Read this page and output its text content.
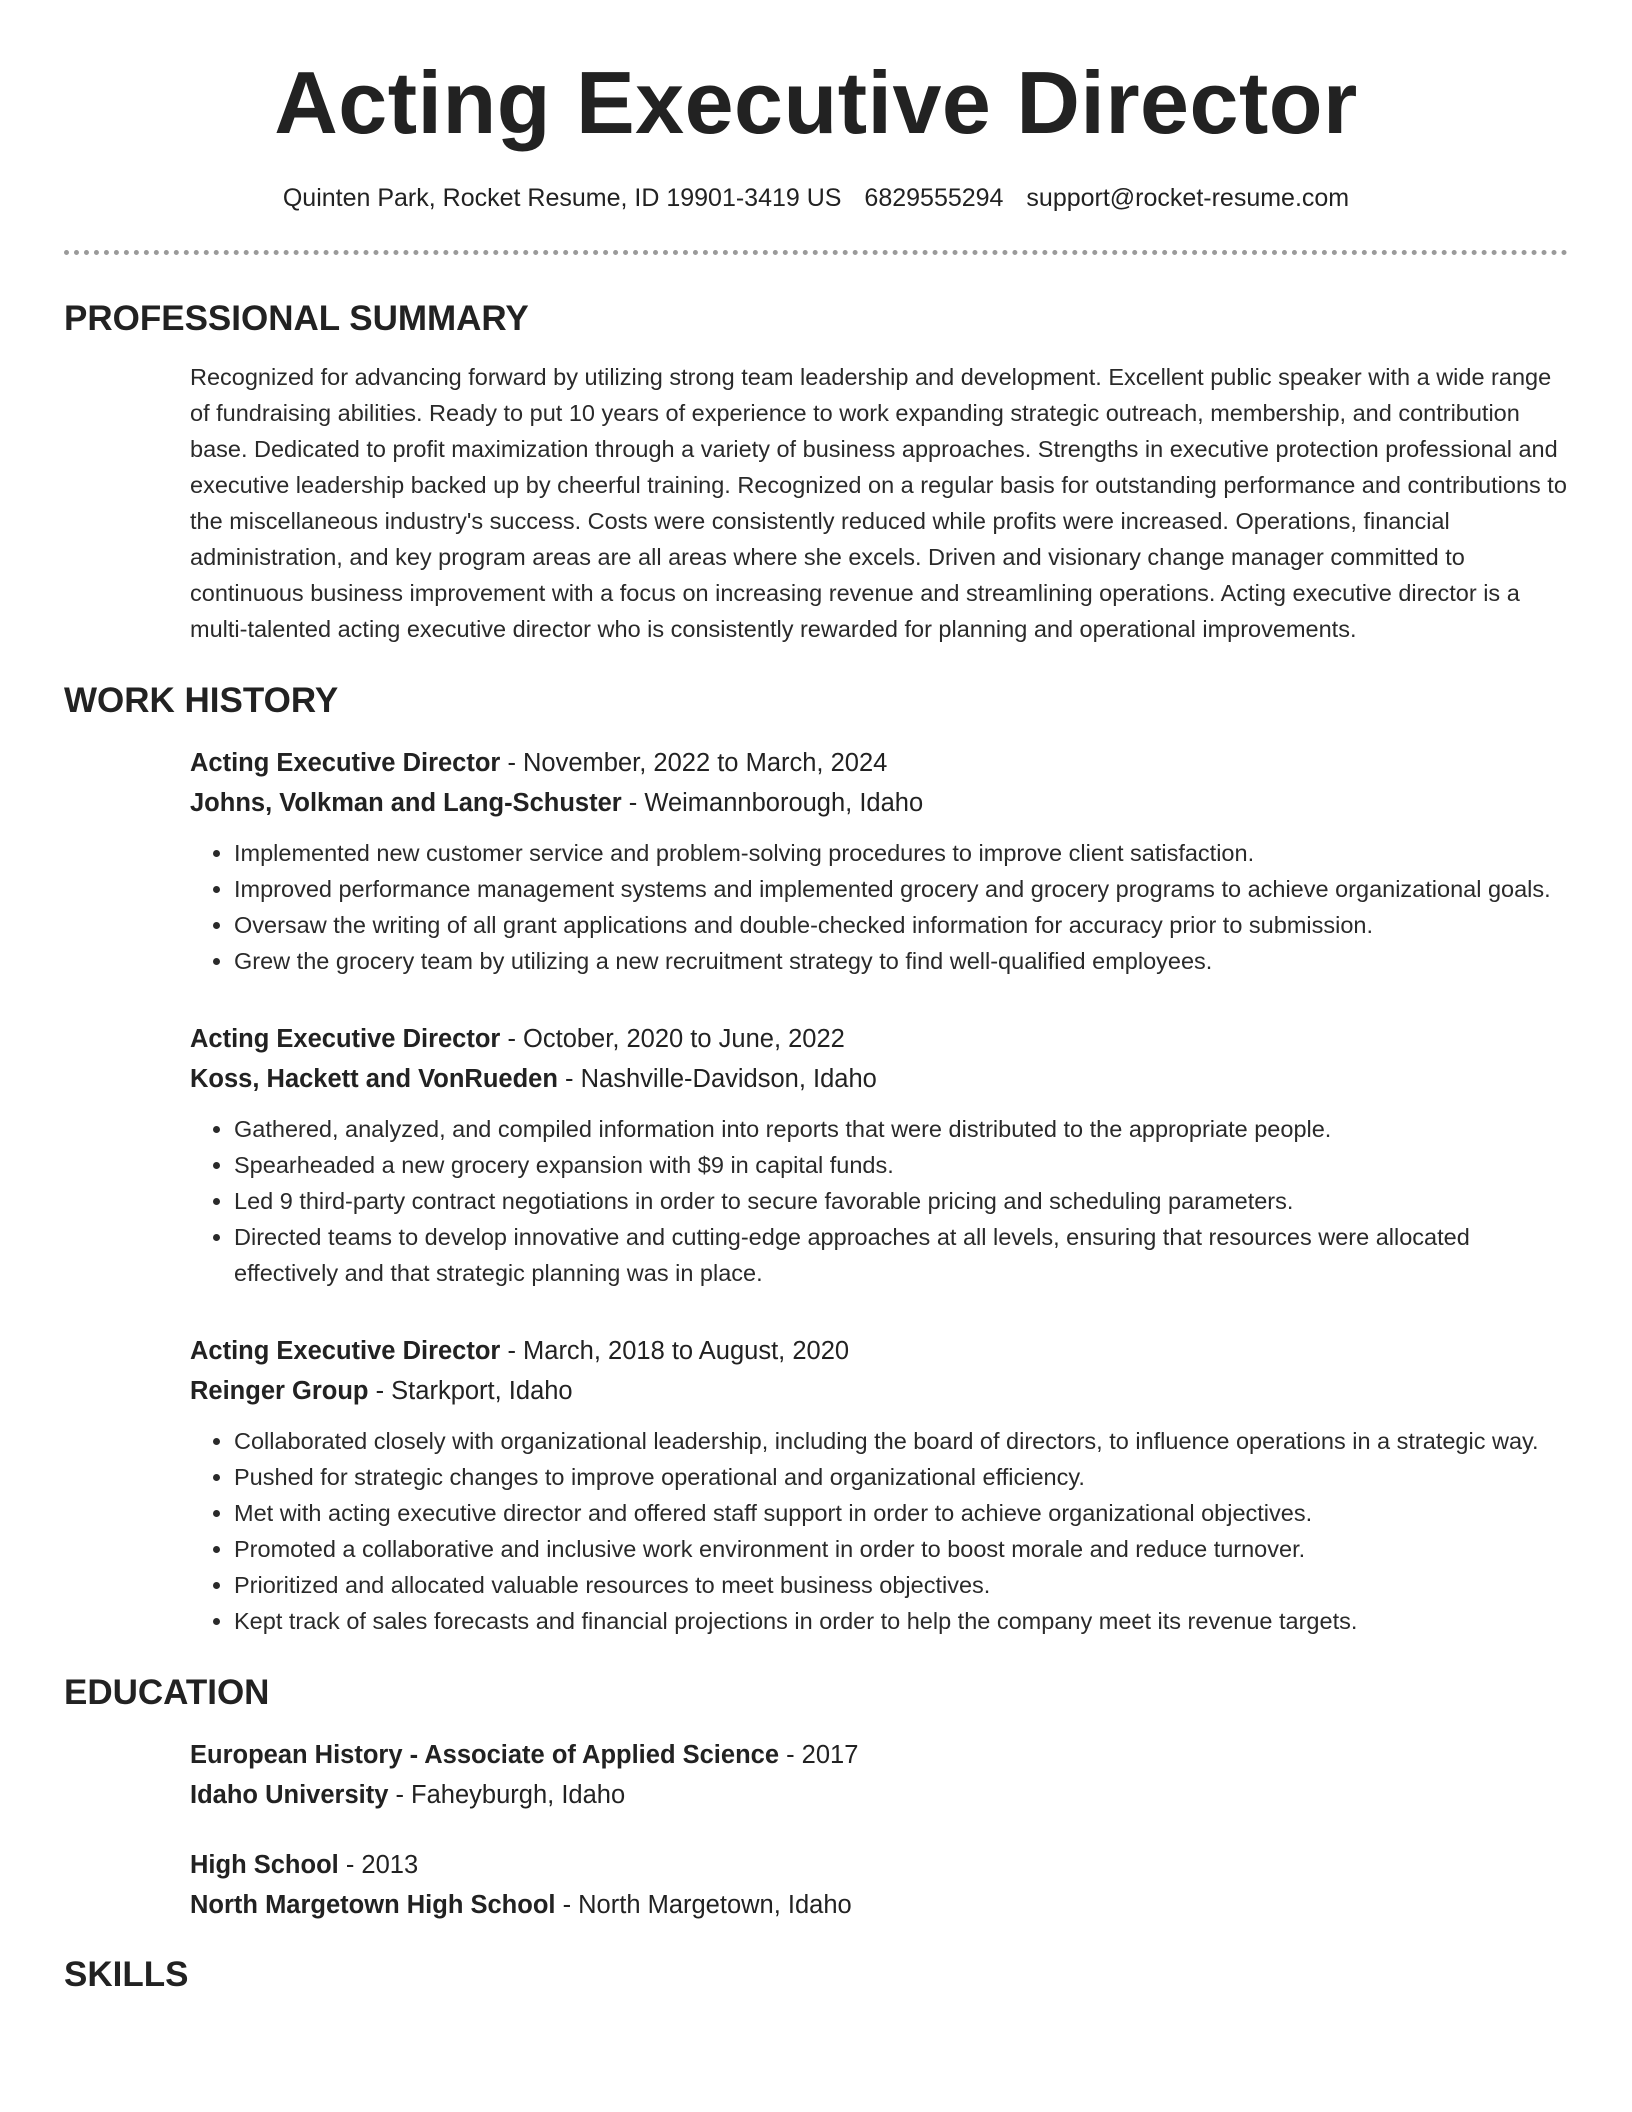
Acting Executive Director
Quinten Park, Rocket Resume, ID 19901-3419 US 6829555294 support@rocket-resume.com
PROFESSIONAL SUMMARY

Recognized for advancing forward by utilizing strong team leadership and development. Excellent public speaker with a wide range of fundraising abilities. Ready to put 10 years of experience to work expanding strategic outreach, membership, and contribution base. Dedicated to profit maximization through a variety of business approaches. Strengths in executive protection professional and executive leadership backed up by cheerful training. Recognized on a regular basis for outstanding performance and contributions to the miscellaneous industry's success. Costs were consistently reduced while profits were increased. Operations, financial administration, and key program areas are all areas where she excels. Driven and visionary change manager committed to continuous business improvement with a focus on increasing revenue and streamlining operations. Acting executive director is a multi-talented acting executive director who is consistently rewarded for planning and operational improvements.

WORK HISTORY
Acting Executive Director - November, 2022 to March, 2024
Johns, Volkman and Lang-Schuster - Weimannborough, Idaho
• Implemented new customer service and problem-solving procedures to improve client satisfaction.
• Improved performance management systems and implemented grocery and grocery programs to achieve organizational goals.
• Oversaw the writing of all grant applications and double-checked information for accuracy prior to submission.
• Grew the grocery team by utilizing a new recruitment strategy to find well-qualified employees.
Acting Executive Director - October, 2020 to June, 2022
Koss, Hackett and VonRueden - Nashville-Davidson, Idaho
• Gathered, analyzed, and compiled information into reports that were distributed to the appropriate people.
• Spearheaded a new grocery expansion with $9 in capital funds.
• Led 9 third-party contract negotiations in order to secure favorable pricing and scheduling parameters.
• Directed teams to develop innovative and cutting-edge approaches at all levels, ensuring that resources were allocated effectively and that strategic planning was in place.
Acting Executive Director - March, 2018 to August, 2020
Reinger Group - Starkport, Idaho
• Collaborated closely with organizational leadership, including the board of directors, to influence operations in a strategic way.
• Pushed for strategic changes to improve operational and organizational efficiency.
• Met with acting executive director and offered staff support in order to achieve organizational objectives.
• Promoted a collaborative and inclusive work environment in order to boost morale and reduce turnover.
• Prioritized and allocated valuable resources to meet business objectives.
• Kept track of sales forecasts and financial projections in order to help the company meet its revenue targets.
EDUCATION
European History - Associate of Applied Science - 2017
Idaho University - Faheyburgh, Idaho
High School - 2013
North Margetown High School - North Margetown, Idaho
SKILLS
